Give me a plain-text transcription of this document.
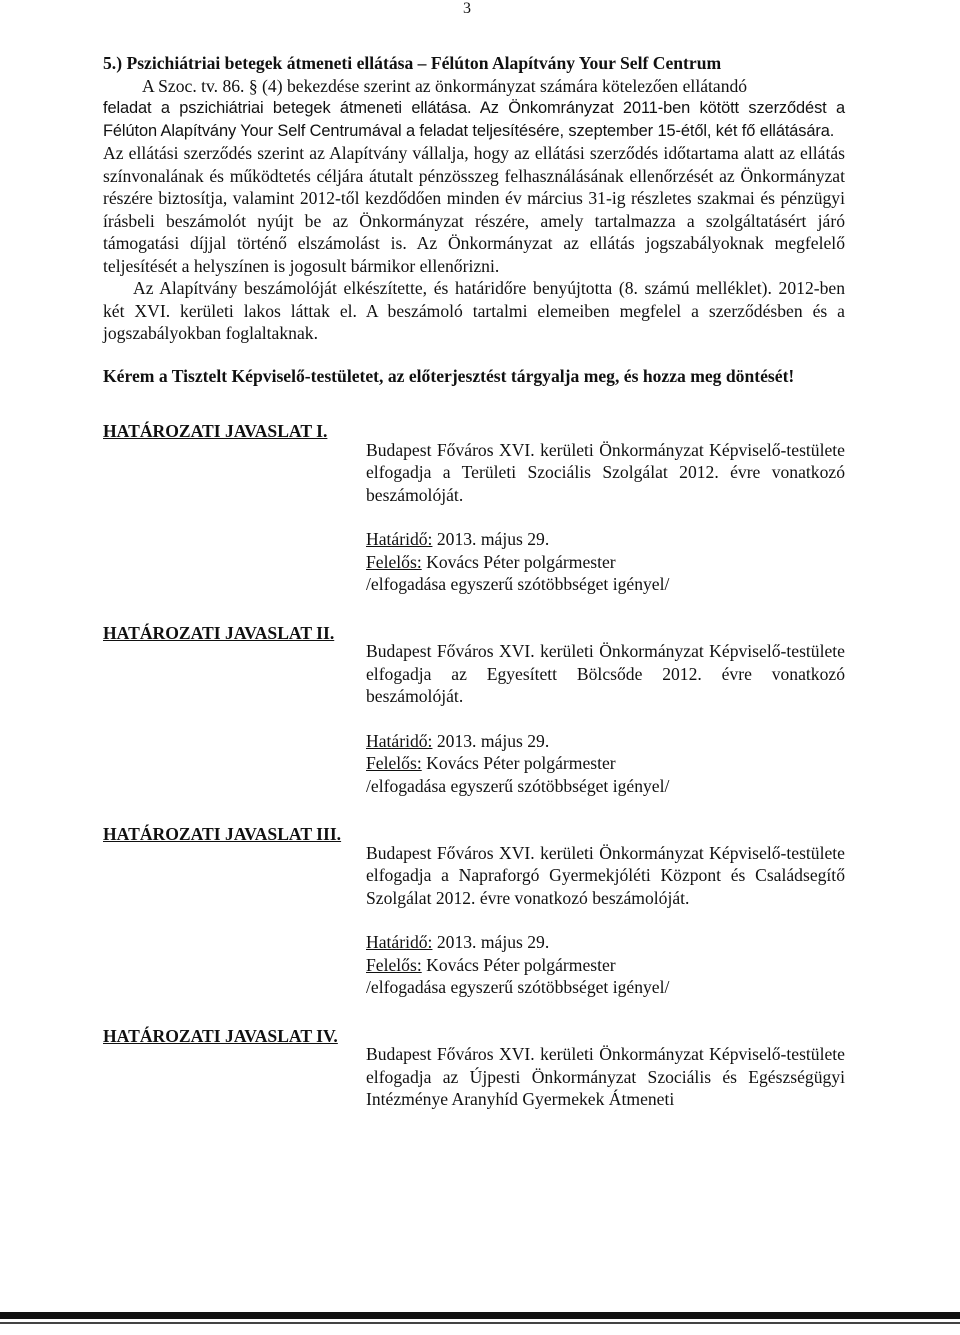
3

5.) Pszichiátriai betegek átmeneti ellátása – Félúton Alapítvány Your Self Centrum

A Szoc. tv. 86. § (4) bekezdése szerint az önkormányzat számára kötelezően ellátandó

feladat a pszichiátriai betegek átmeneti ellátása. Az Önkomrányzat 2011-ben kötött szerződést a Félúton Alapítvány Your Self Centrumával a feladat teljesítésére, szeptember 15-étől, két fő ellátására.

Az ellátási szerződés szerint az Alapítvány vállalja, hogy az ellátási szerződés időtartama alatt az ellátás színvonalának és működtetés céljára átutalt pénzösszeg felhasználásának ellenőrzését az Önkormányzat részére biztosítja, valamint 2012-től kezdődően minden év március 31-ig részletes szakmai és pénzügyi írásbeli beszámolót nyújt be az Önkormányzat részére, amely tartalmazza a szolgáltatásért járó támogatási díjjal történő elszámolást is. Az Önkormányzat az ellátás jogszabályoknak megfelelő teljesítését a helyszínen is jogosult bármikor ellenőrizni.

Az Alapítvány beszámolóját elkészítette, és határidőre benyújtotta (8. számú melléklet). 2012-ben két XVI. kerületi lakos láttak el. A beszámoló tartalmi elemeiben megfelel a szerződésben és a jogszabályokban foglaltaknak.

Kérem a Tisztelt Képviselő-testületet, az előterjesztést tárgyalja meg, és hozza meg döntését!

HATÁROZATI JAVASLAT I.

Budapest Főváros XVI. kerületi Önkormányzat Képviselő-testülete elfogadja a Területi Szociális Szolgálat 2012. évre vonatkozó beszámolóját.

Határidő: 2013. május 29.

Felelős: Kovács Péter polgármester

/elfogadása egyszerű szótöbbséget igényel/

HATÁROZATI JAVASLAT II.

Budapest Főváros XVI. kerületi Önkormányzat Képviselő-testülete elfogadja az Egyesített Bölcsőde 2012. évre vonatkozó beszámolóját.

Határidő: 2013. május 29.

Felelős: Kovács Péter polgármester

/elfogadása egyszerű szótöbbséget igényel/

HATÁROZATI JAVASLAT III.

Budapest Főváros XVI. kerületi Önkormányzat Képviselő-testülete elfogadja a Napraforgó Gyermekjóléti Központ és Családsegítő Szolgálat 2012. évre vonatkozó beszámolóját.

Határidő: 2013. május 29.

Felelős: Kovács Péter polgármester

/elfogadása egyszerű szótöbbséget igényel/

HATÁROZATI JAVASLAT IV.

Budapest Főváros XVI. kerületi Önkormányzat Képviselő-testülete elfogadja az Újpesti Önkormányzat Szociális és Egészségügyi Intézménye Aranyhíd Gyermekek Átmeneti
